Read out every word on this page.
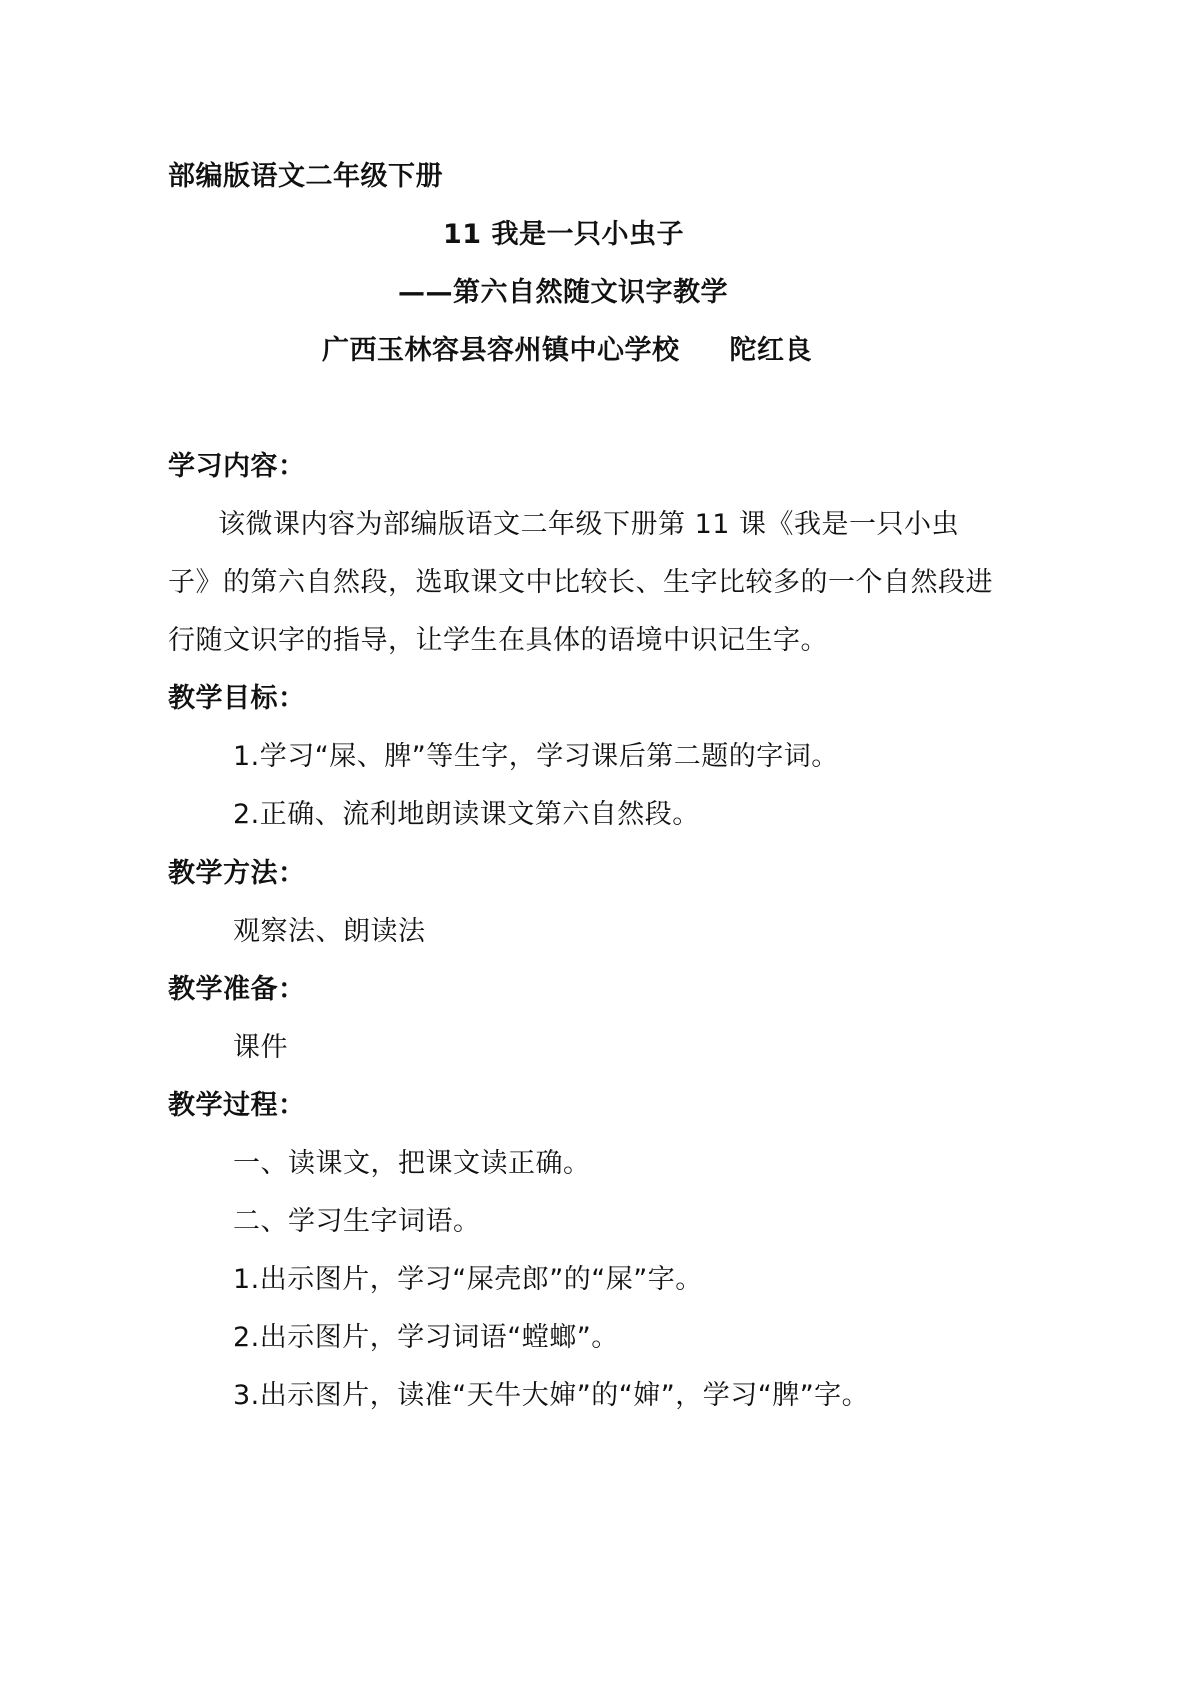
部编版语文二年级下册
11 我是一只小虫子
——第六自然随文识字教学
广西玉林容县容州镇中心学校 陀红良
学习内容：
该微课内容为部编版语文二年级下册第 11 课《我是一只小虫
子》的第六自然段，选取课文中比较长、生字比较多的一个自然段进
行随文识字的指导，让学生在具体的语境中识记生字。
教学目标：
1.学习“屎、脾”等生字，学习课后第二题的字词。
2.正确、流利地朗读课文第六自然段。
教学方法：
观察法、朗读法
教学准备：
课件
教学过程：
一、读课文，把课文读正确。
二、学习生字词语。
1.出示图片，学习“屎壳郎”的“屎”字。
2.出示图片，学习词语“螳螂”。
3.出示图片，读准“天牛大婶”的“婶”，学习“脾”字。
